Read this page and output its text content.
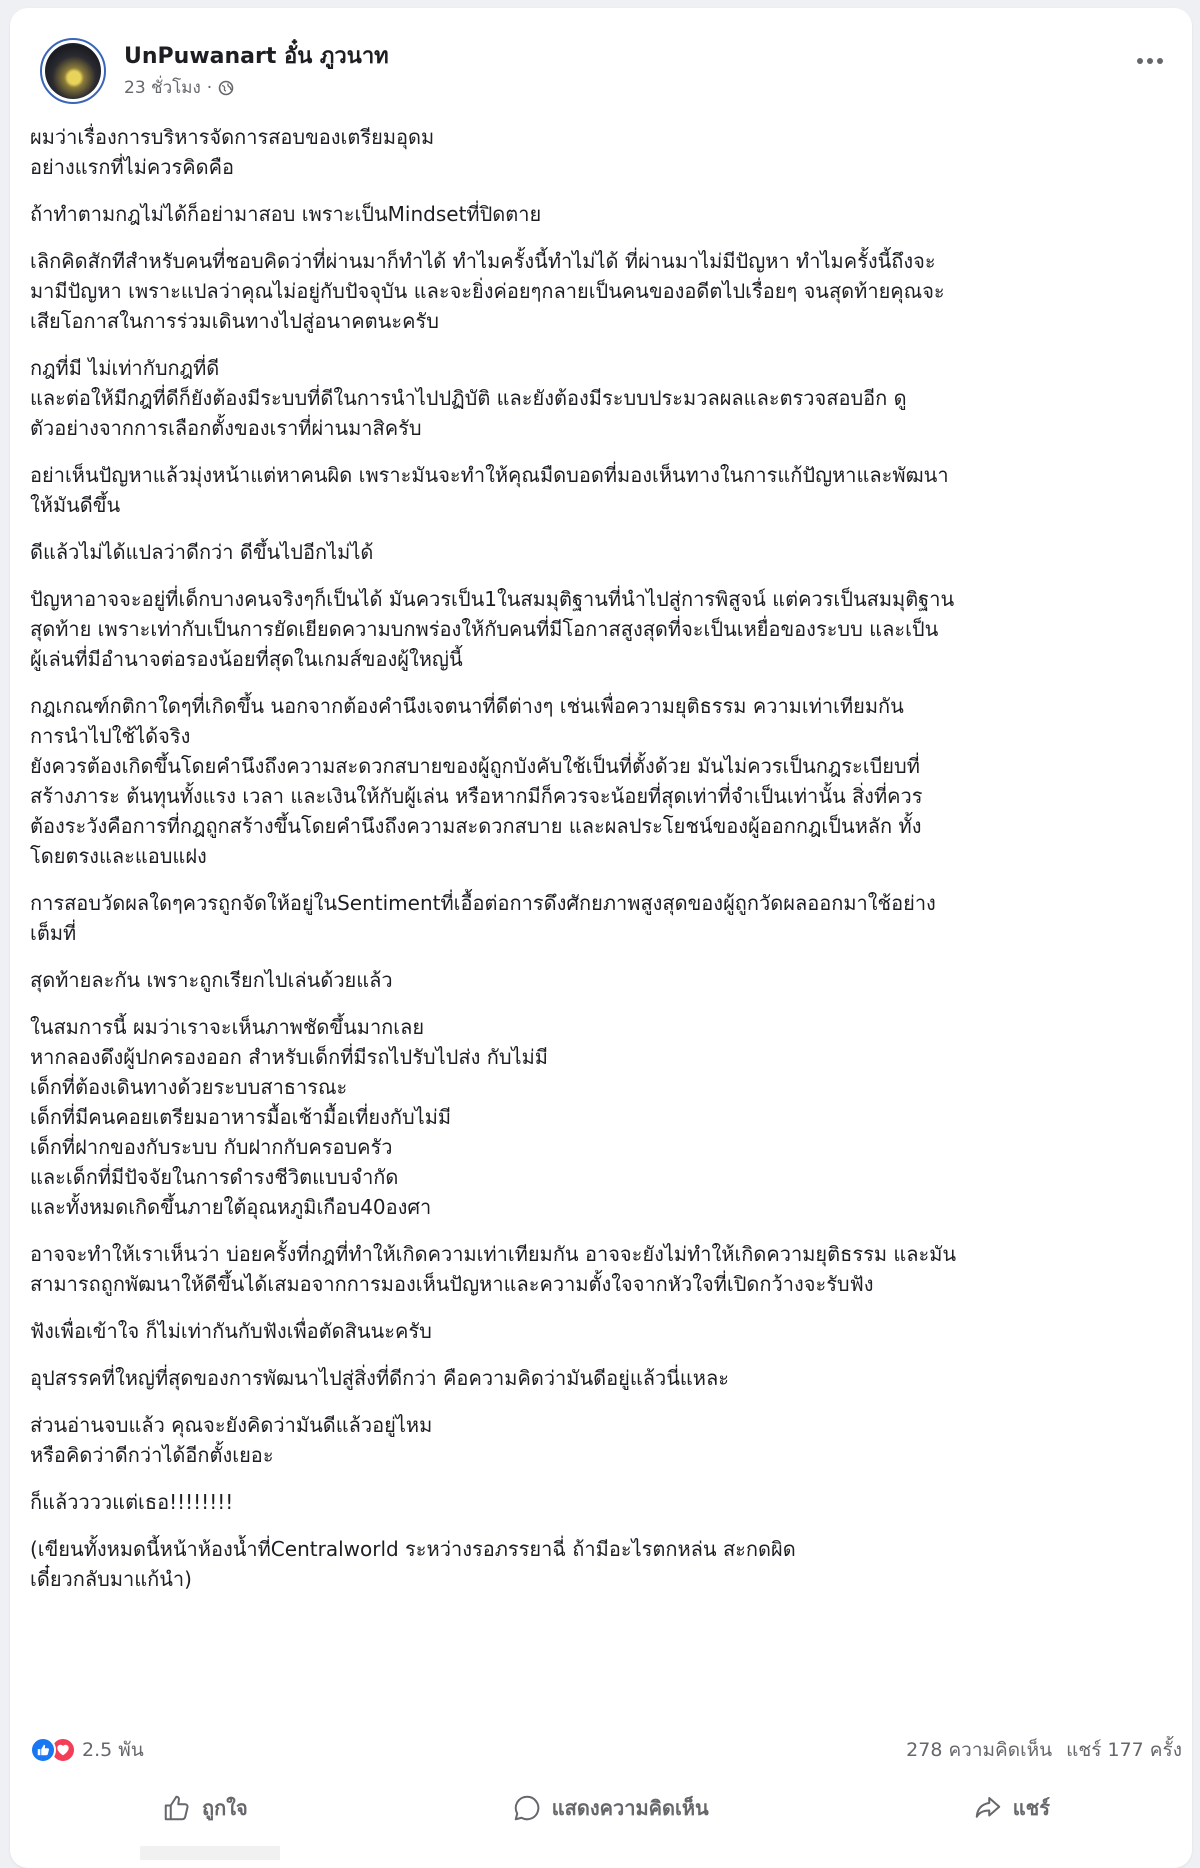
UnPuwanart อั๋น ภูวนาท
23 ชั่วโมง ·
ผมว่าเรื่องการบริหารจัดการสอบของเตรียมอุดม
อย่างแรกที่ไม่ควรคิดคือ
ถ้าทำตามกฎไม่ได้ก็อย่ามาสอบ เพราะเป็นMindsetที่ปิดตาย
เลิกคิดสักทีสำหรับคนที่ชอบคิดว่าที่ผ่านมาก็ทำได้ ทำไมครั้งนี้ทำไม่ได้ ที่ผ่านมาไม่มีปัญหา ทำไมครั้งนี้ถึงจะ
มามีปัญหา เพราะแปลว่าคุณไม่อยู่กับปัจจุบัน และจะยิ่งค่อยๆกลายเป็นคนของอดีตไปเรื่อยๆ จนสุดท้ายคุณจะ
เสียโอกาสในการร่วมเดินทางไปสู่อนาคตนะครับ
กฎที่มี ไม่เท่ากับกฎที่ดี
และต่อให้มีกฎที่ดีก็ยังต้องมีระบบที่ดีในการนำไปปฏิบัติ และยังต้องมีระบบประมวลผลและตรวจสอบอีก ดู
ตัวอย่างจากการเลือกตั้งของเราที่ผ่านมาสิครับ
อย่าเห็นปัญหาแล้วมุ่งหน้าแต่หาคนผิด เพราะมันจะทำให้คุณมืดบอดที่มองเห็นทางในการแก้ปัญหาและพัฒนา
ให้มันดีขึ้น
ดีแล้วไม่ได้แปลว่าดีกว่า ดีขึ้นไปอีกไม่ได้
ปัญหาอาจจะอยู่ที่เด็กบางคนจริงๆก็เป็นได้ มันควรเป็น1ในสมมุติฐานที่นำไปสู่การพิสูจน์ แต่ควรเป็นสมมุติฐาน
สุดท้าย เพราะเท่ากับเป็นการยัดเยียดความบกพร่องให้กับคนที่มีโอกาสสูงสุดที่จะเป็นเหยื่อของระบบ และเป็น
ผู้เล่นที่มีอำนาจต่อรองน้อยที่สุดในเกมส์ของผู้ใหญ่นี้
กฎเกณฑ์กติกาใดๆที่เกิดขึ้น นอกจากต้องคำนึงเจตนาที่ดีต่างๆ เช่นเพื่อความยุติธรรม ความเท่าเทียมกัน
การนำไปใช้ได้จริง
ยังควรต้องเกิดขึ้นโดยคำนึงถึงความสะดวกสบายของผู้ถูกบังคับใช้เป็นที่ตั้งด้วย มันไม่ควรเป็นกฎระเบียบที่
สร้างภาระ ต้นทุนทั้งแรง เวลา และเงินให้กับผู้เล่น หรือหากมีก็ควรจะน้อยที่สุดเท่าที่จำเป็นเท่านั้น สิ่งที่ควร
ต้องระวังคือการที่กฎถูกสร้างขึ้นโดยคำนึงถึงความสะดวกสบาย และผลประโยชน์ของผู้ออกกฎเป็นหลัก ทั้ง
โดยตรงและแอบแฝง
การสอบวัดผลใดๆควรถูกจัดให้อยู่ในSentimentที่เอื้อต่อการดึงศักยภาพสูงสุดของผู้ถูกวัดผลออกมาใช้อย่าง
เต็มที่
สุดท้ายละกัน เพราะถูกเรียกไปเล่นด้วยแล้ว
ในสมการนี้ ผมว่าเราจะเห็นภาพชัดขึ้นมากเลย
หากลองดึงผู้ปกครองออก สำหรับเด็กที่มีรถไปรับไปส่ง กับไม่มี
เด็กที่ต้องเดินทางด้วยระบบสาธารณะ
เด็กที่มีคนคอยเตรียมอาหารมื้อเช้ามื้อเที่ยงกับไม่มี
เด็กที่ฝากของกับระบบ กับฝากกับครอบครัว
และเด็กที่มีปัจจัยในการดำรงชีวิตแบบจำกัด
และทั้งหมดเกิดขึ้นภายใต้อุณหภูมิเกือบ40องศา
อาจจะทำให้เราเห็นว่า บ่อยครั้งที่กฎที่ทำให้เกิดความเท่าเทียมกัน อาจจะยังไม่ทำให้เกิดความยุติธรรม และมัน
สามารถถูกพัฒนาให้ดีขึ้นได้เสมอจากการมองเห็นปัญหาและความตั้งใจจากหัวใจที่เปิดกว้างจะรับฟัง
ฟังเพื่อเข้าใจ ก็ไม่เท่ากันกับฟังเพื่อตัดสินนะครับ
อุปสรรคที่ใหญ่ที่สุดของการพัฒนาไปสู่สิ่งที่ดีกว่า คือความคิดว่ามันดีอยู่แล้วนี่แหละ
ส่วนอ่านจบแล้ว คุณจะยังคิดว่ามันดีแล้วอยู่ไหม
หรือคิดว่าดีกว่าได้อีกตั้งเยอะ
ก็แล้ววววแต่เธอ!!!!!!!!
(เขียนทั้งหมดนี้หน้าห้องน้ำที่Centralworld ระหว่างรอภรรยาฉี่ ถ้ามีอะไรตกหล่น สะกดผิด
เดี๋ยวกลับมาแก้นำ)
2.5 พัน	278 ความคิดเห็น แชร์ 177 ครั้ง
ถูกใจ	แสดงความคิดเห็น	แชร์
